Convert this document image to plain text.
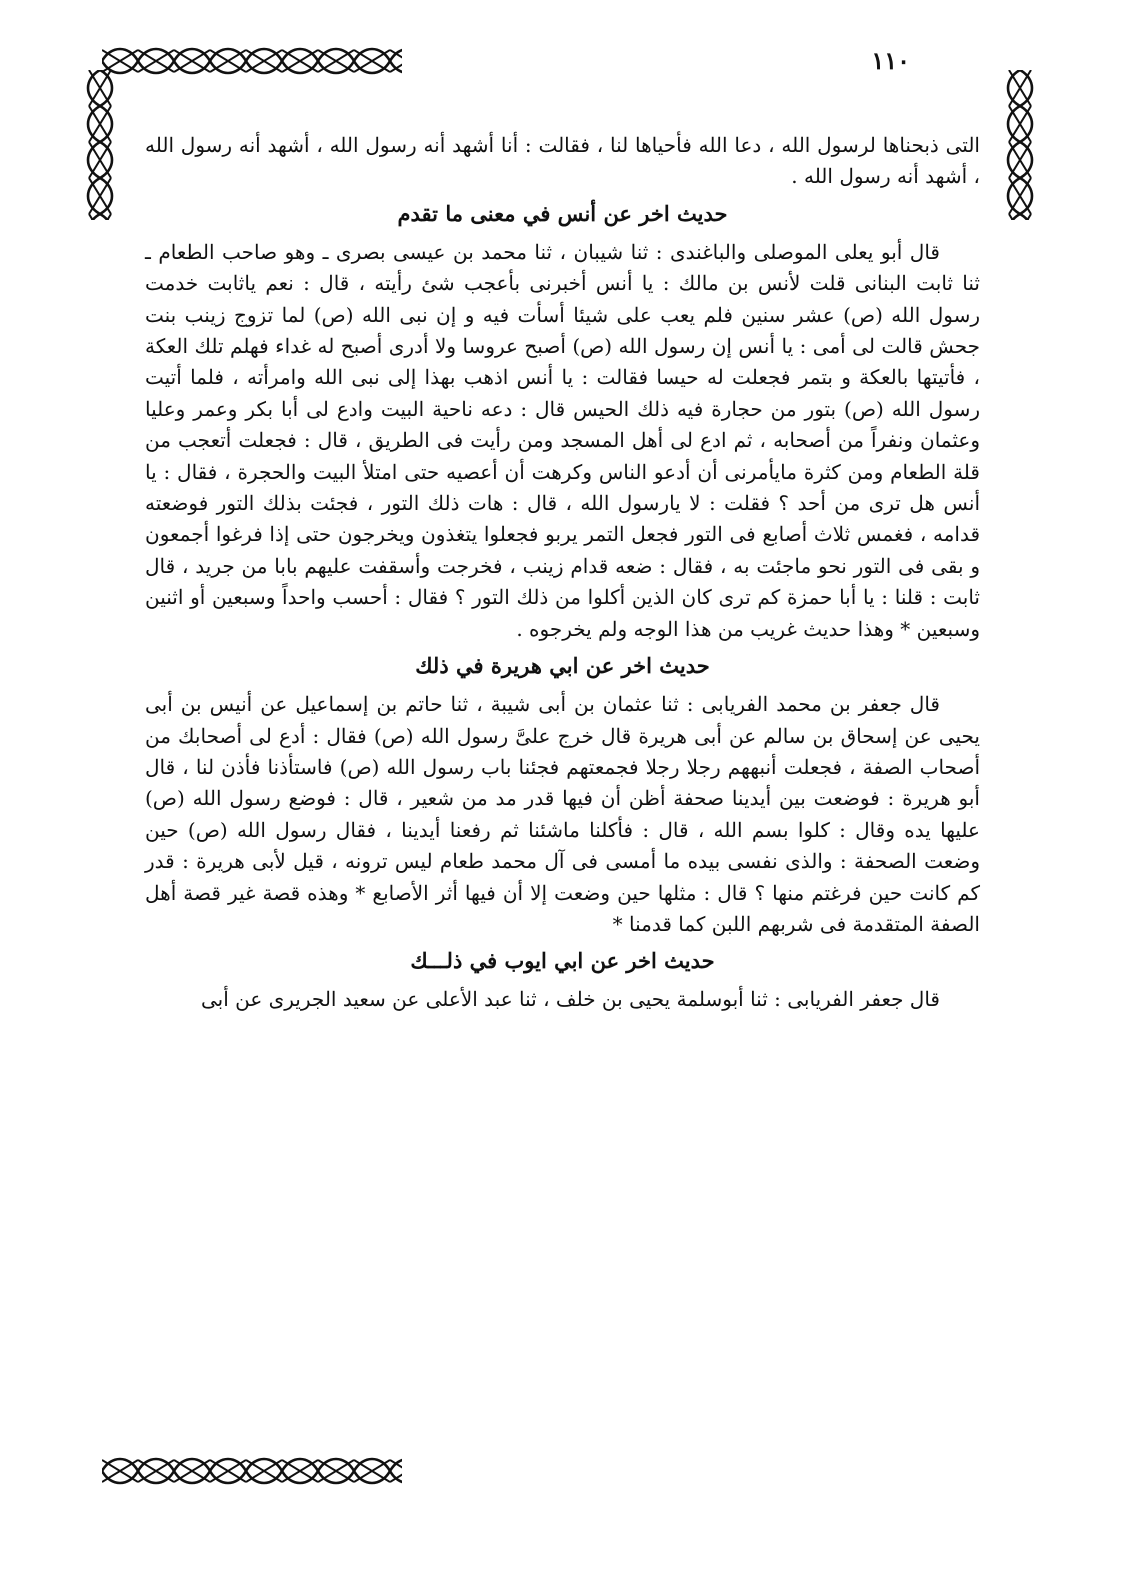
١١٠

التى ذبحناها لرسول الله ، دعا الله فأحياها لنا ، فقالت : أنا أشهد أنه رسول الله ، أشهد أنه رسول الله ، أشهد أنه رسول الله .

حديث اخر عن أنس في معنى ما تقدم

قال أبو يعلى الموصلى والباغندى : ثنا شيبان ، ثنا محمد بن عيسى بصرى ـ وهو صاحب الطعام ـ ثنا ثابت البنانى قلت لأنس بن مالك : يا أنس أخبرنى بأعجب شئ رأيته ، قال : نعم ياثابت خدمت رسول الله (ص) عشر سنين فلم يعب على شيئا أسأت فيه و إن نبى الله (ص) لما تزوج زينب بنت جحش قالت لى أمى : يا أنس إن رسول الله (ص) أصبح عروسا ولا أدرى أصبح له غداء فهلم تلك العكة ، فأتيتها بالعكة و بتمر فجعلت له حيسا فقالت : يا أنس اذهب بهذا إلى نبى الله وامرأته ، فلما أتيت رسول الله (ص) بتور من حجارة فيه ذلك الحيس قال : دعه ناحية البيت وادع لى أبا بكر وعمر وعليا وعثمان ونفراً من أصحابه ، ثم ادع لى أهل المسجد ومن رأيت فى الطريق ، قال : فجعلت أتعجب من قلة الطعام ومن كثرة مايأمرنى أن أدعو الناس وكرهت أن أعصيه حتى امتلأ البيت والحجرة ، فقال : يا أنس هل ترى من أحد ؟ فقلت : لا يارسول الله ، قال : هات ذلك التور ، فجئت بذلك التور فوضعته قدامه ، فغمس ثلاث أصابع فى التور فجعل التمر يربو فجعلوا يتغذون ويخرجون حتى إذا فرغوا أجمعون و بقى فى التور نحو ماجئت به ، فقال : ضعه قدام زينب ، فخرجت وأسقفت عليهم بابا من جريد ، قال ثابت : قلنا : يا أبا حمزة كم ترى كان الذين أكلوا من ذلك التور ؟ فقال : أحسب واحداً وسبعين أو اثنين وسبعين * وهذا حديث غريب من هذا الوجه ولم يخرجوه .

حديث اخر عن ابي هريرة في ذلك

قال جعفر بن محمد الفريابى : ثنا عثمان بن أبى شيبة ، ثنا حاتم بن إسماعيل عن أنيس بن أبى يحيى عن إسحاق بن سالم عن أبى هريرة قال خرج علىَّ رسول الله (ص) فقال : أدع لى أصحابك من أصحاب الصفة ، فجعلت أنبههم رجلا رجلا فجمعتهم فجئنا باب رسول الله (ص) فاستأذنا فأذن لنا ، قال أبو هريرة : فوضعت بين أيدينا صحفة أظن أن فيها قدر مد من شعير ، قال : فوضع رسول الله (ص) عليها يده وقال : كلوا بسم الله ، قال : فأكلنا ماشئنا ثم رفعنا أيدينا ، فقال رسول الله (ص) حين وضعت الصحفة : والذى نفسى بيده ما أمسى فى آل محمد طعام ليس ترونه ، قيل لأبى هريرة : قدر كم كانت حين فرغتم منها ؟ قال : مثلها حين وضعت إلا أن فيها أثر الأصابع * وهذه قصة غير قصة أهل الصفة المتقدمة فى شربهم اللبن كما قدمنا *

حديث اخر عن ابي ايوب في ذلـــك

قال جعفر الفريابى : ثنا أبوسلمة يحيى بن خلف ، ثنا عبد الأعلى عن سعيد الجريرى عن أبى
